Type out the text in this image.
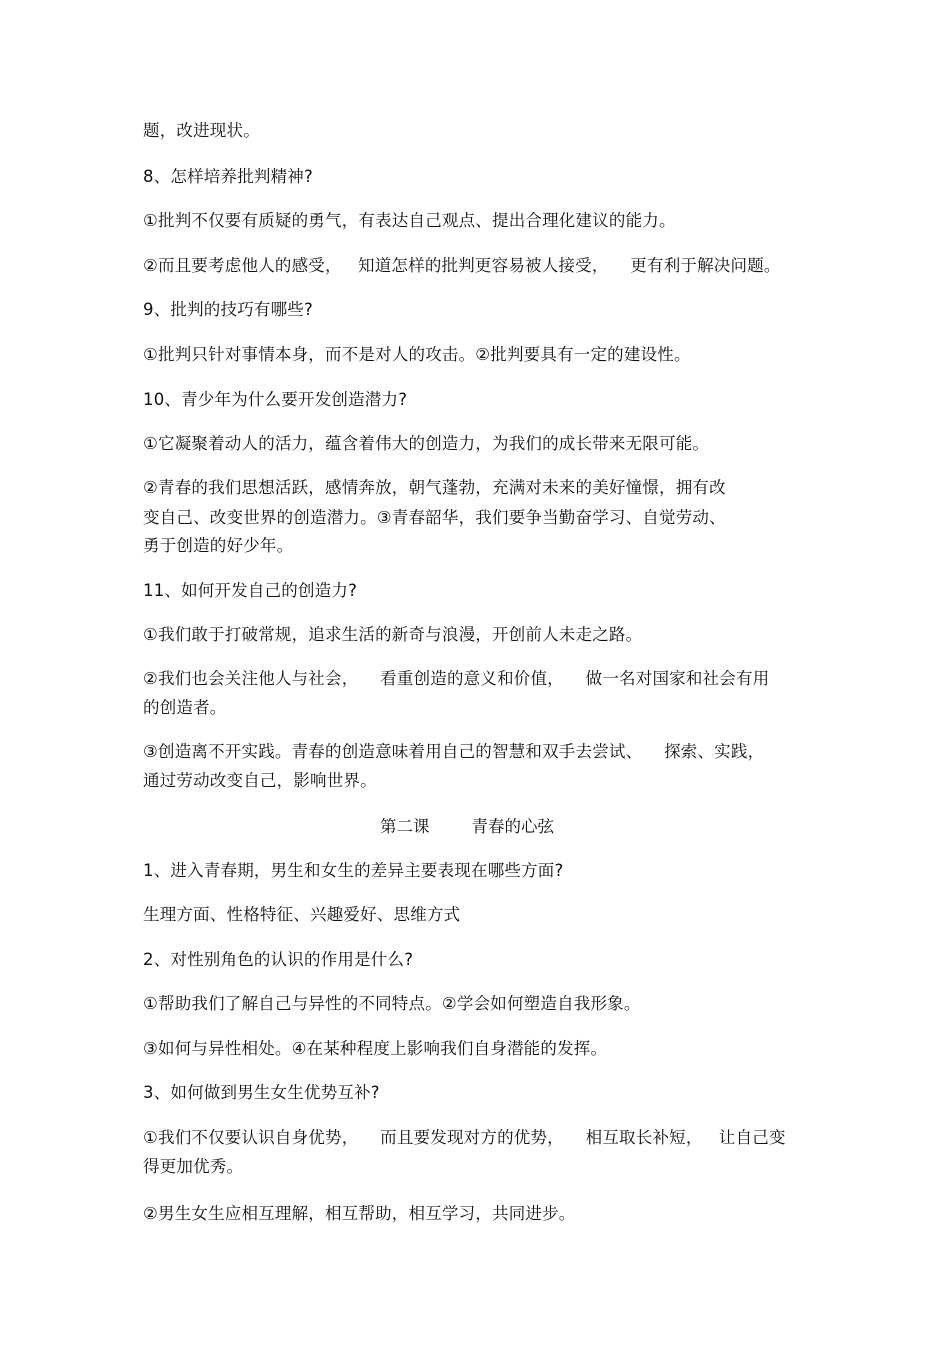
题，改进现状。
8、怎样培养批判精神?
①批判不仅要有质疑的勇气，有表达自己观点、提出合理化建议的能力。
②而且要考虑他人的感受，   知道怎样的批判更容易被人接受，    更有利于解决问题。
9、批判的技巧有哪些?
①批判只针对事情本身，而不是对人的攻击。②批判要具有一定的建设性。
10、青少年为什么要开发创造潜力?
①它凝聚着动人的活力，蕴含着伟大的创造力，为我们的成长带来无限可能。
②青春的我们思想活跃，感情奔放，朝气蓬勃，充满对未来的美好憧憬，拥有改
变自己、改变世界的创造潜力。③青春韶华，我们要争当勤奋学习、自觉劳动、
勇于创造的好少年。
11、如何开发自己的创造力?
①我们敢于打破常规，追求生活的新奇与浪漫，开创前人未走之路。
②我们也会关注他人与社会，    看重创造的意义和价值，    做一名对国家和社会有用
的创造者。
③创造离不开实践。青春的创造意味着用自己的智慧和双手去尝试、    探索、实践，
通过劳动改变自己，影响世界。
第二课        青春的心弦
1、进入青春期，男生和女生的差异主要表现在哪些方面?
生理方面、性格特征、兴趣爱好、思维方式
2、对性别角色的认识的作用是什么?
①帮助我们了解自己与异性的不同特点。②学会如何塑造自我形象。
③如何与异性相处。④在某种程度上影响我们自身潜能的发挥。
3、如何做到男生女生优势互补?
①我们不仅要认识自身优势，    而且要发现对方的优势，    相互取长补短，   让自己变
得更加优秀。
②男生女生应相互理解，相互帮助，相互学习，共同进步。
